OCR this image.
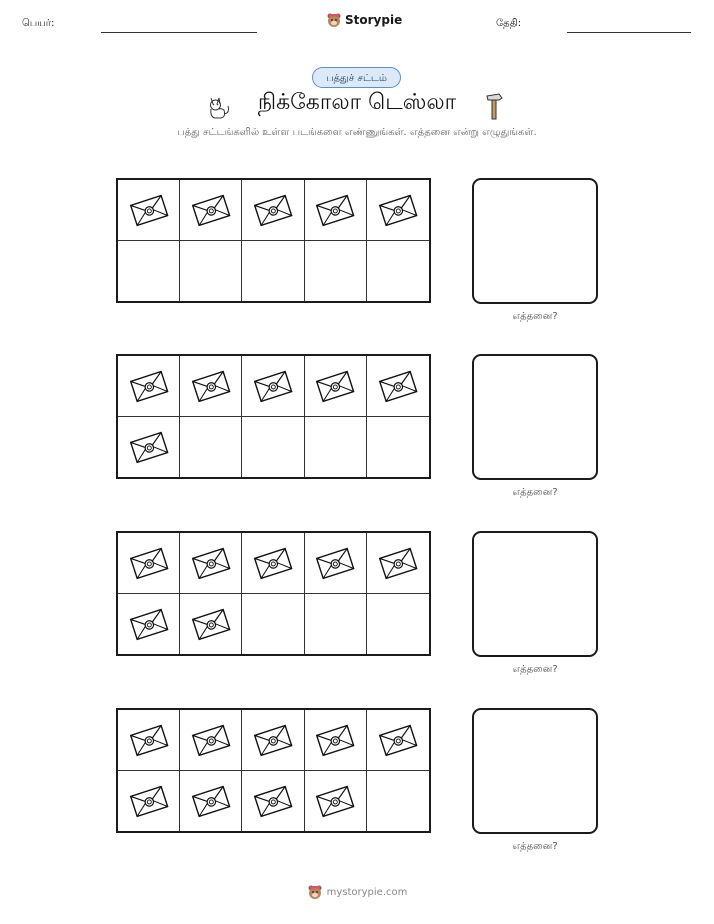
பெயர்:	Storypie	தேதி:
பத்துச் சட்டம்
நிக்கோலா டெஸ்லா
பத்து சட்டங்களில் உள்ள படங்களை எண்ணுங்கள். எத்தனை என்று எழுதுங்கள்.
எத்தனை?
எத்தனை?
எத்தனை?
எத்தனை?
mystorypie.com
